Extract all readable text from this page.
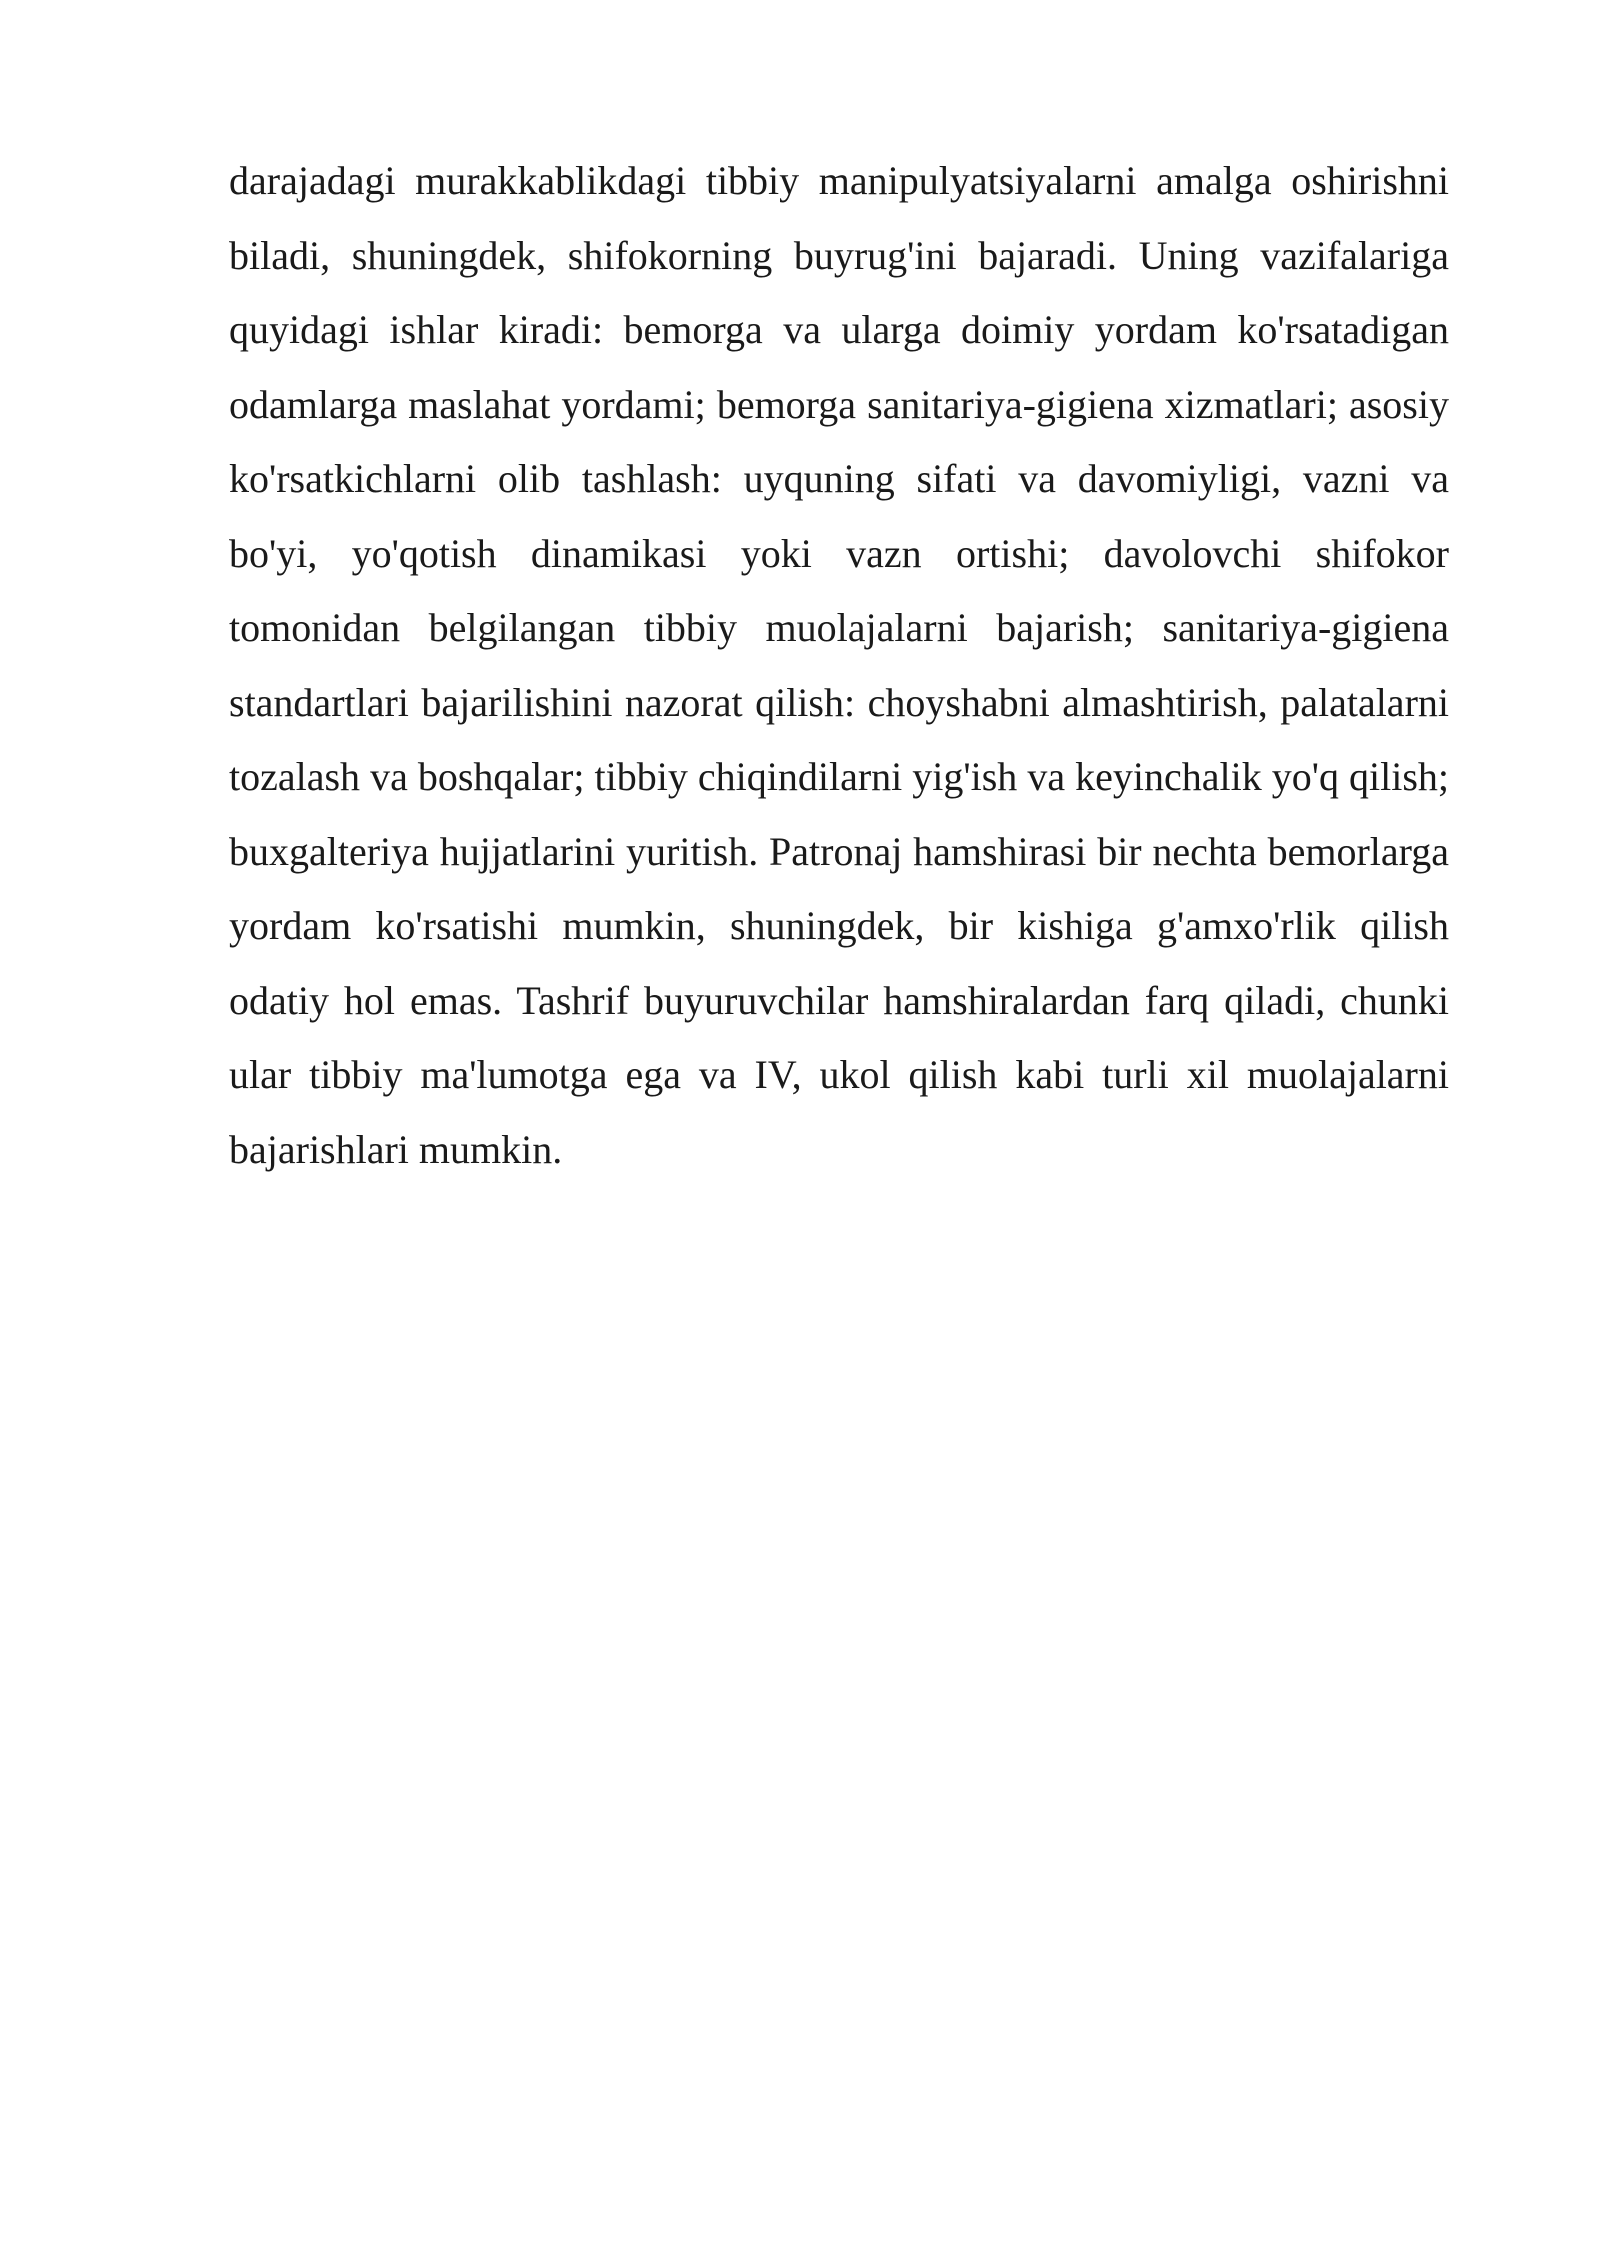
darajadagi murakkablikdagi tibbiy manipulyatsiyalarni amalga oshirishni biladi, shuningdek, shifokorning buyrug'ini bajaradi. Uning vazifalariga quyidagi ishlar kiradi: bemorga va ularga doimiy yordam ko'rsatadigan odamlarga maslahat yordami; bemorga sanitariya-gigiena xizmatlari; asosiy ko'rsatkichlarni olib tashlash: uyquning sifati va davomiyligi, vazni va bo'yi, yo'qotish dinamikasi yoki vazn ortishi; davolovchi shifokor tomonidan belgilangan tibbiy muolajalarni bajarish; sanitariya-gigiena standartlari bajarilishini nazorat qilish: choyshabni almashtirish, palatalarni tozalash va boshqalar; tibbiy chiqindilarni yig'ish va keyinchalik yo'q qilish; buxgalteriya hujjatlarini yuritish. Patronaj hamshirasi bir nechta bemorlarga yordam ko'rsatishi mumkin, shuningdek, bir kishiga g'amxo'rlik qilish odatiy hol emas. Tashrif buyuruvchilar hamshiralardan farq qiladi, chunki ular tibbiy ma'lumotga ega va IV, ukol qilish kabi turli xil muolajalarni bajarishlari mumkin.
